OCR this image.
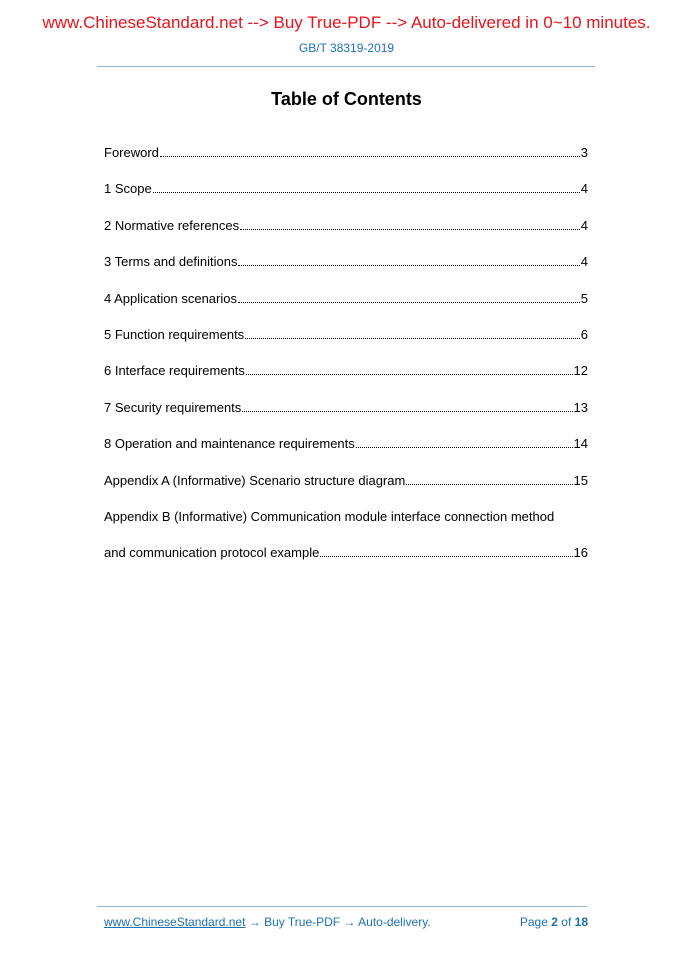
www.ChineseStandard.net --> Buy True-PDF --> Auto-delivered in 0~10 minutes.
GB/T 38319-2019
Table of Contents
Foreword	3
1 Scope	4
2 Normative references	4
3 Terms and definitions	4
4 Application scenarios	5
5 Function requirements	6
6 Interface requirements	12
7 Security requirements	13
8 Operation and maintenance requirements	14
Appendix A (Informative) Scenario structure diagram	15
Appendix B (Informative) Communication module interface connection method
and communication protocol example	16
www.ChineseStandard.net → Buy True-PDF → Auto-delivery.	Page 2 of 18
